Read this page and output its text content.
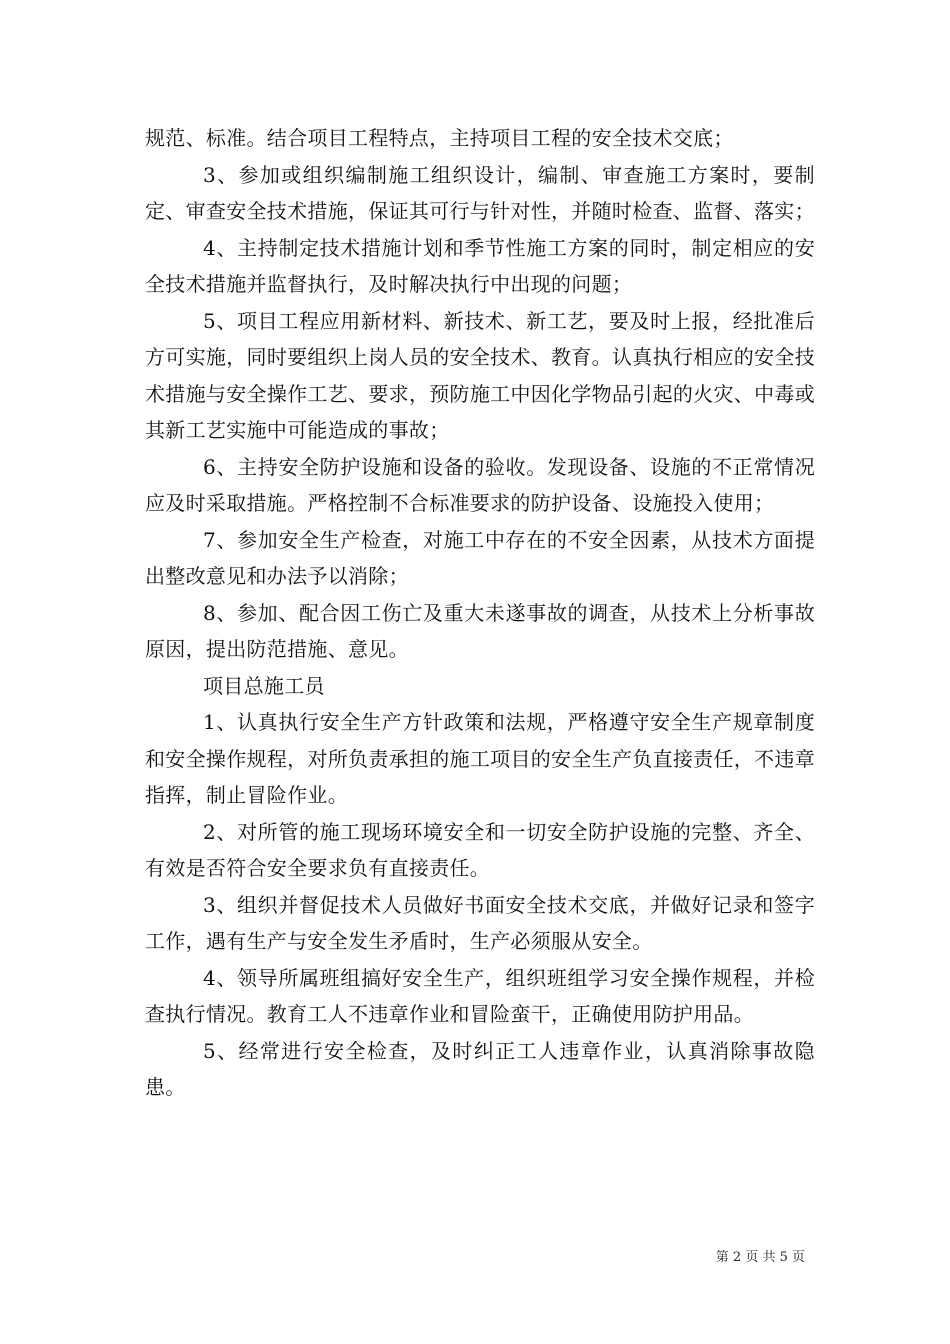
规范、标准。结合项目工程特点，主持项目工程的安全技术交底；

3、参加或组织编制施工组织设计，编制、审查施工方案时，要制定、审查安全技术措施，保证其可行与针对性，并随时检查、监督、落实；

4、主持制定技术措施计划和季节性施工方案的同时，制定相应的安全技术措施并监督执行，及时解决执行中出现的问题；

5、项目工程应用新材料、新技术、新工艺，要及时上报，经批准后方可实施，同时要组织上岗人员的安全技术、教育。认真执行相应的安全技术措施与安全操作工艺、要求，预防施工中因化学物品引起的火灾、中毒或其新工艺实施中可能造成的事故；

6、主持安全防护设施和设备的验收。发现设备、设施的不正常情况应及时采取措施。严格控制不合标准要求的防护设备、设施投入使用；

7、参加安全生产检查，对施工中存在的不安全因素，从技术方面提出整改意见和办法予以消除；

8、参加、配合因工伤亡及重大未遂事故的调查，从技术上分析事故原因，提出防范措施、意见。

项目总施工员

1、认真执行安全生产方针政策和法规，严格遵守安全生产规章制度和安全操作规程，对所负责承担的施工项目的安全生产负直接责任，不违章指挥，制止冒险作业。

2、对所管的施工现场环境安全和一切安全防护设施的完整、齐全、有效是否符合安全要求负有直接责任。

3、组织并督促技术人员做好书面安全技术交底，并做好记录和签字工作，遇有生产与安全发生矛盾时，生产必须服从安全。

4、领导所属班组搞好安全生产，组织班组学习安全操作规程，并检查执行情况。教育工人不违章作业和冒险蛮干，正确使用防护用品。

5、经常进行安全检查，及时纠正工人违章作业，认真消除事故隐患。

第 2 页 共 5 页
